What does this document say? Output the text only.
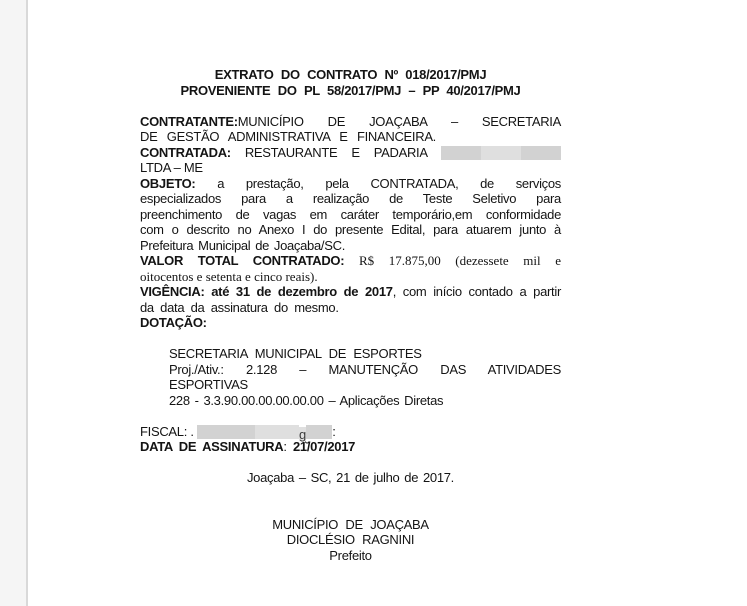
EXTRATO DO CONTRATO Nº 018/2017/PMJ
PROVENIENTE DO PL 58/2017/PMJ – PP 40/2017/PMJ
CONTRATANTE:MUNICÍPIO DE JOAÇABA – SECRETARIA
DE GESTÃO ADMINISTRATIVA E FINANCEIRA.
CONTRATADA: RESTAURANTE E PADARIA
LTDA – ME
OBJETO: a prestação, pela CONTRATADA, de serviços
especializados para a realização de Teste Seletivo para
preenchimento de vagas em caráter temporário,em conformidade
com o descrito no Anexo I do presente Edital, para atuarem junto à
Prefeitura Municipal de Joaçaba/SC.
VALOR TOTAL CONTRATADO: R$ 17.875,00 (dezessete mil e
oitocentos e setenta e cinco reais).
VIGÊNCIA: até 31 de dezembro de 2017, com início contado a partir
da data da assinatura do mesmo.
DOTAÇÃO:
SECRETARIA MUNICIPAL DE ESPORTES
Proj./Ativ.: 2.128 – MANUTENÇÃO DAS ATIVIDADES
ESPORTIVAS
228 - 3.3.90.00.00.00.00.00 – Aplicações Diretas
FISCAL: .	g :
DATA DE ASSINATURA: 21̆/07/2017
Joaçaba – SC, 21 de julho de 2017.
MUNICÍPIO DE JOAÇABA
DIOCLÉSIO RAGNINI
Prefeito
